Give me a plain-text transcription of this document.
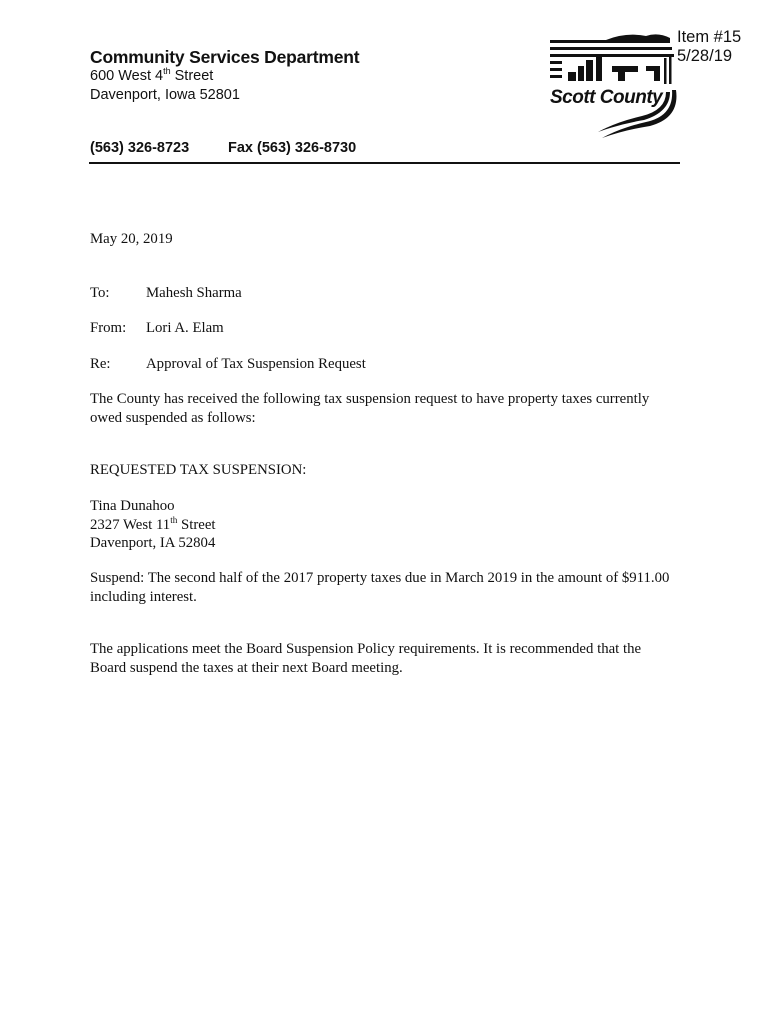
Community Services Department
600 West 4th Street
Davenport, Iowa 52801
(563) 326-8723	Fax (563) 326-8730
Scott County
Item #15
5/28/19
May 20, 2019
To: Mahesh Sharma
From: Lori A. Elam
Re: Approval of Tax Suspension Request
The County has received the following tax suspension request to have property taxes currently owed suspended as follows:
REQUESTED TAX SUSPENSION:
Tina Dunahoo
2327 West 11th Street
Davenport, IA 52804
Suspend: The second half of the 2017 property taxes due in March 2019 in the amount of $911.00 including interest.
The applications meet the Board Suspension Policy requirements. It is recommended that the Board suspend the taxes at their next Board meeting.
